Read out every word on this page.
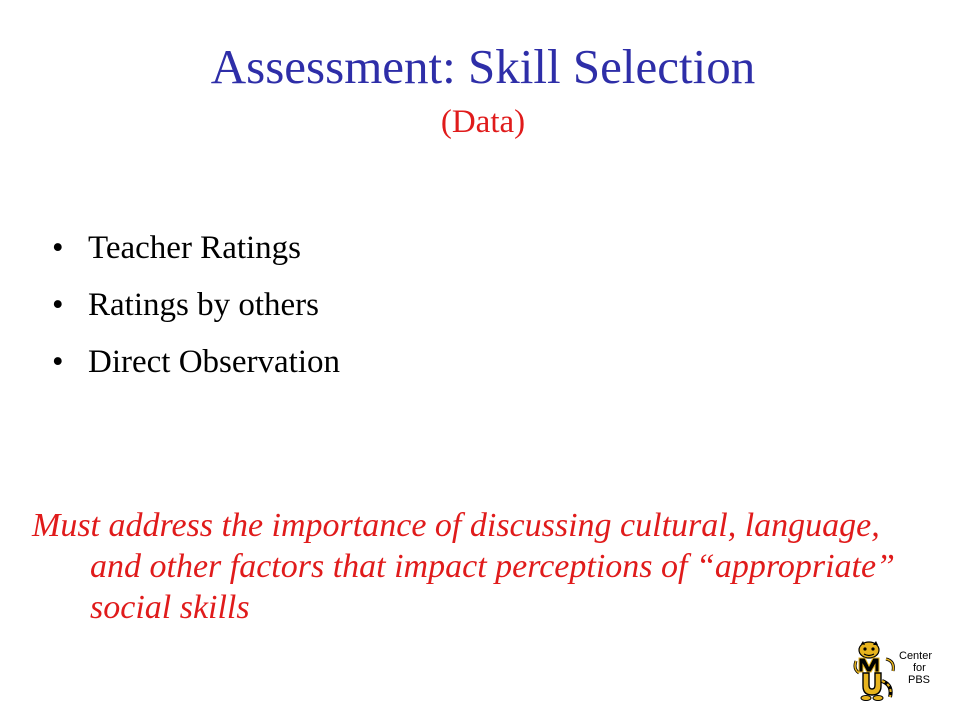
Assessment: Skill Selection
(Data)
• Teacher Ratings
• Ratings by others
• Direct Observation
Must address the importance of discussing cultural, language, and other factors that impact perceptions of “appropriate” social skills
Center
for
PBS
